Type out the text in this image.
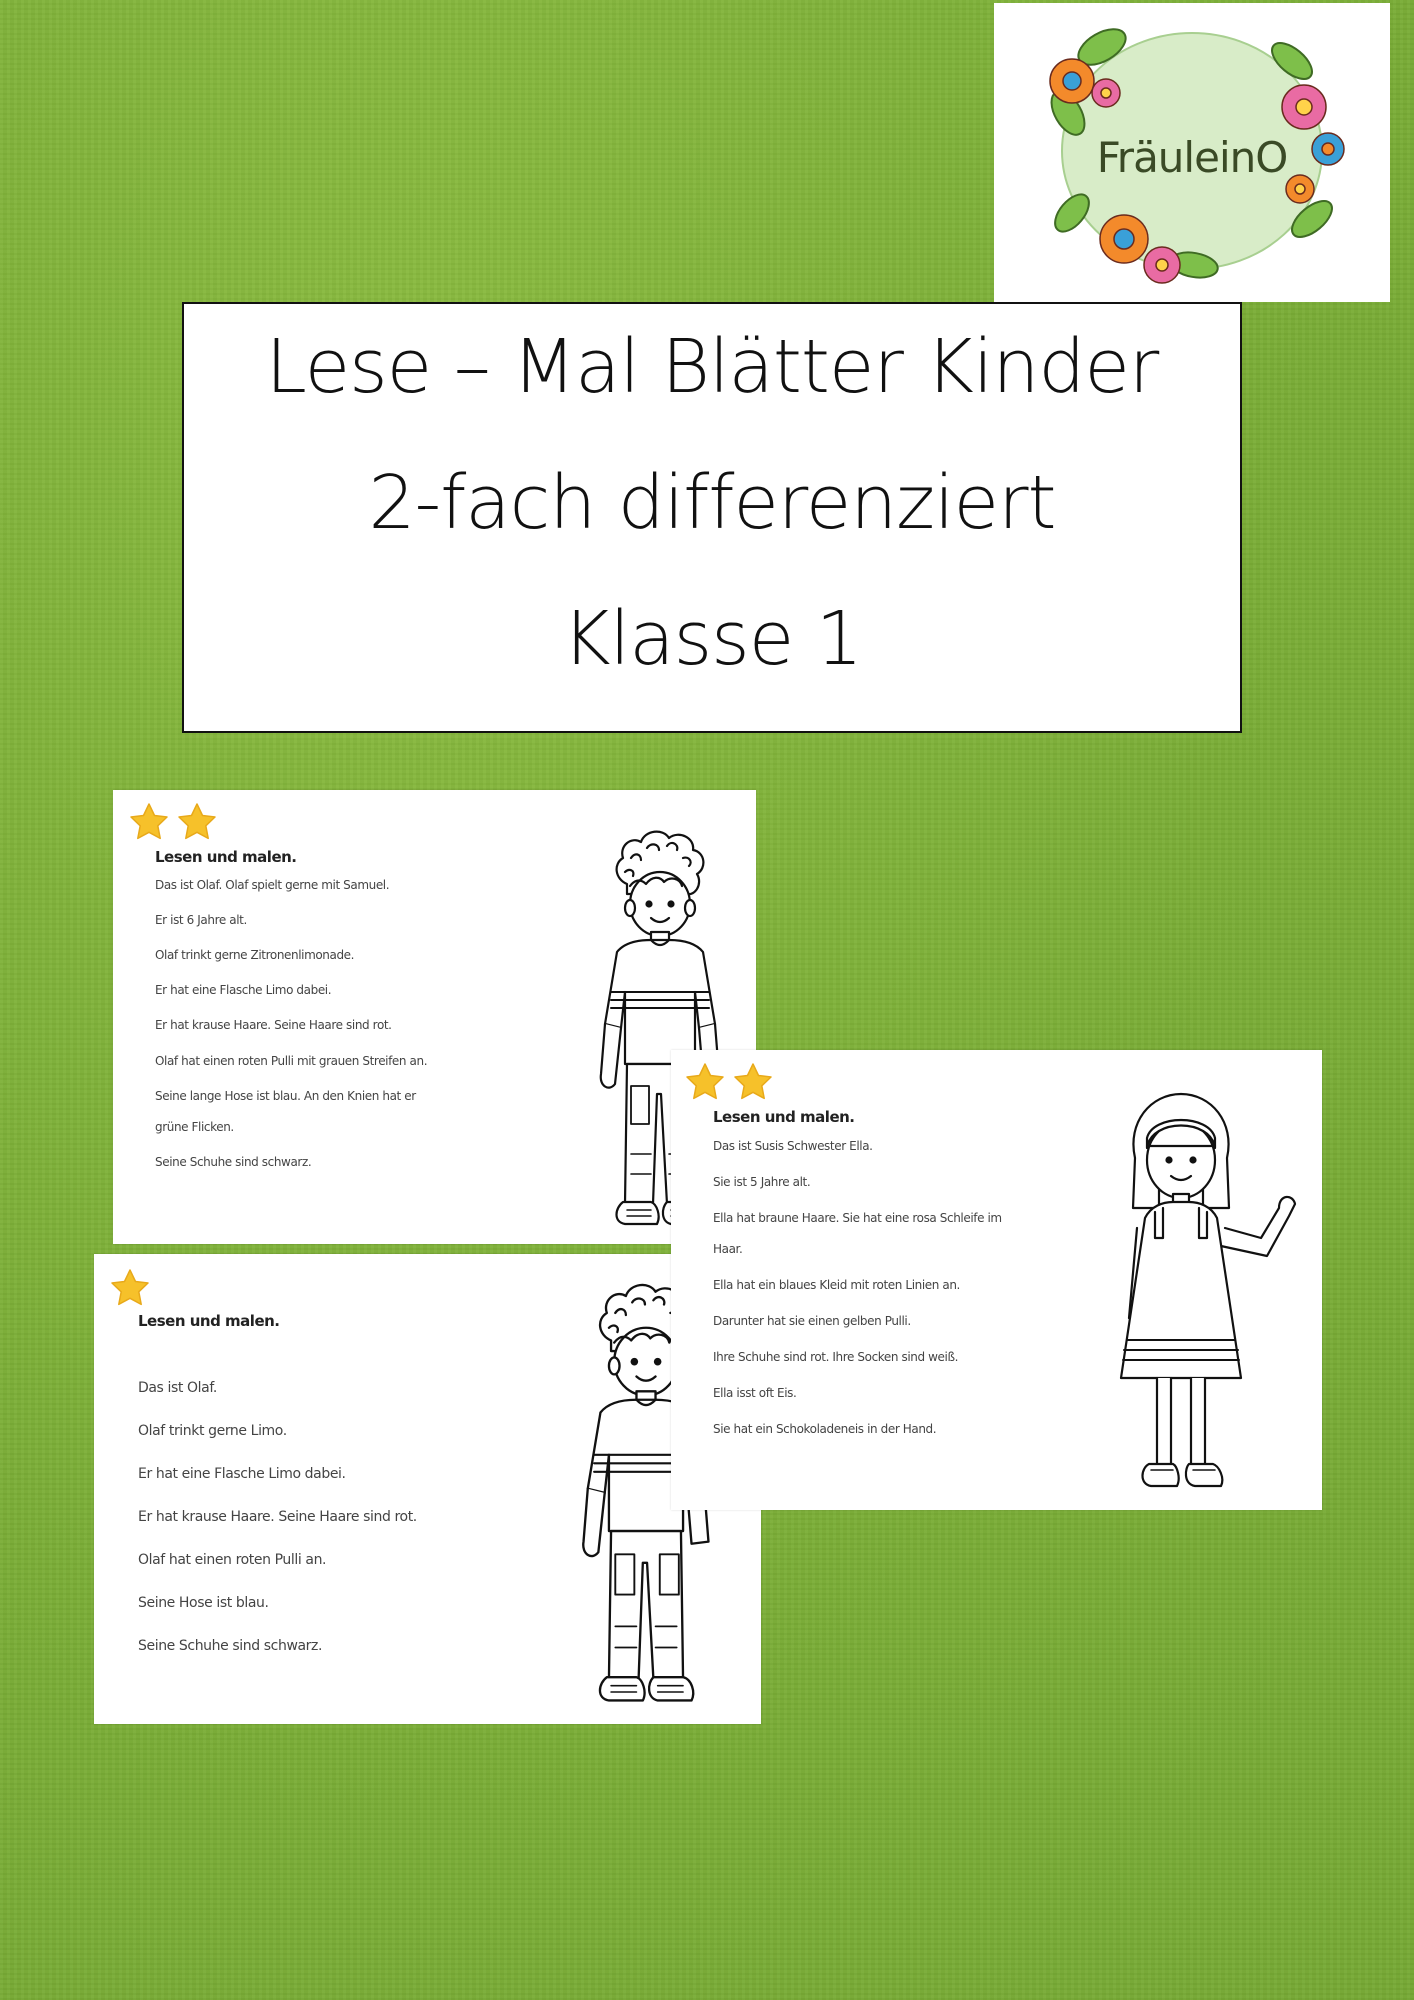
FräuleinO
Lese – Mal Blätter Kinder
2-fach differenziert
Klasse 1
Lesen und malen.
Das ist Olaf. Olaf spielt gerne mit Samuel.
Er ist 6 Jahre alt.
Olaf trinkt gerne Zitronenlimonade.
Er hat eine Flasche Limo dabei.
Er hat krause Haare. Seine Haare sind rot.
Olaf hat einen roten Pulli mit grauen Streifen an.
Seine lange Hose ist blau. An den Knien hat er
grüne Flicken.
Seine Schuhe sind schwarz.
Lesen und malen.
Das ist Olaf.
Olaf trinkt gerne Limo.
Er hat eine Flasche Limo dabei.
Er hat krause Haare. Seine Haare sind rot.
Olaf hat einen roten Pulli an.
Seine Hose ist blau.
Seine Schuhe sind schwarz.
Lesen und malen.
Das ist Susis Schwester Ella.
Sie ist 5 Jahre alt.
Ella hat braune Haare. Sie hat eine rosa Schleife im
Haar.
Ella hat ein blaues Kleid mit roten Linien an.
Darunter hat sie einen gelben Pulli.
Ihre Schuhe sind rot. Ihre Socken sind weiß.
Ella isst oft Eis.
Sie hat ein Schokoladeneis in der Hand.
